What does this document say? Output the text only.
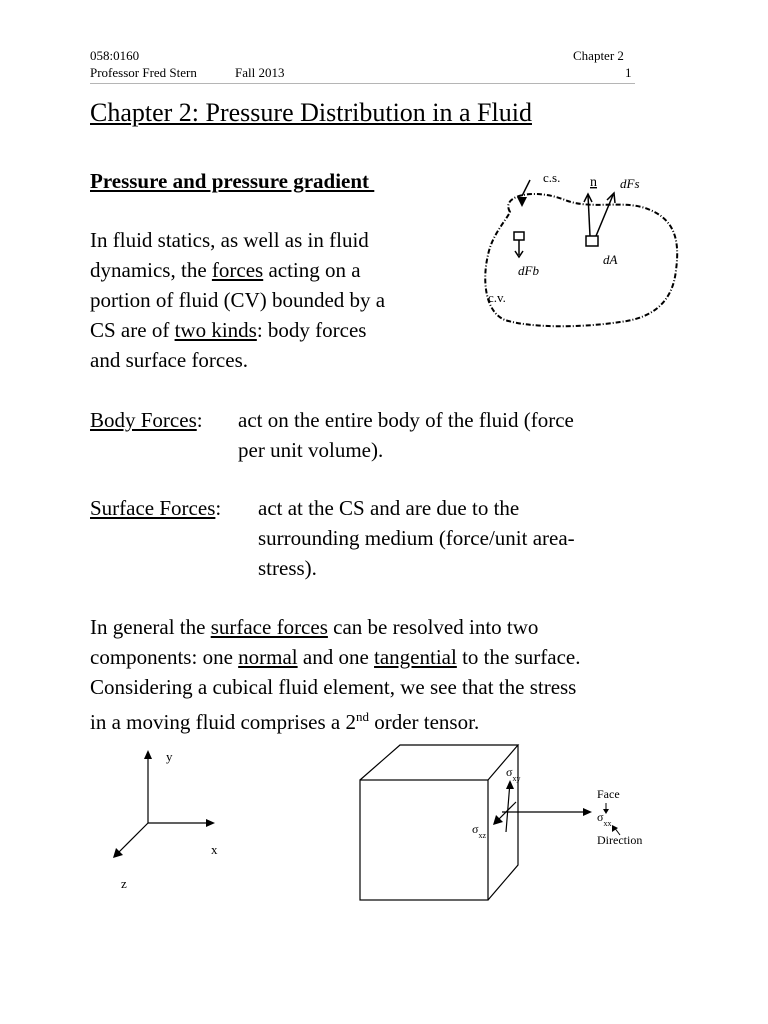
058:0160
Professor Fred Stern	Fall 2013
Chapter 2
1
Chapter 2: Pressure Distribution in a Fluid
Pressure and pressure gradient
In fluid statics, as well as in fluid
dynamics, the forces acting on a
portion of fluid (CV) bounded by a
CS are of two kinds: body forces
and surface forces.
c.s.
dFb
n dFs
dA
c.v.
Body Forces: act on the entire body of the fluid (force
per unit volume).
Surface Forces: act at the CS and are due to the
surrounding medium (force/unit area-
stress).
In general the surface forces can be resolved into two
components: one normal and one tangential to the surface.
Considering a cubical fluid element, we see that the stress
in a moving fluid comprises a 2nd order tensor.
y
x
z
$\sigma_{xy}$
$\sigma_{xz}$
Face
$\sigma_{xx}$
Direction
